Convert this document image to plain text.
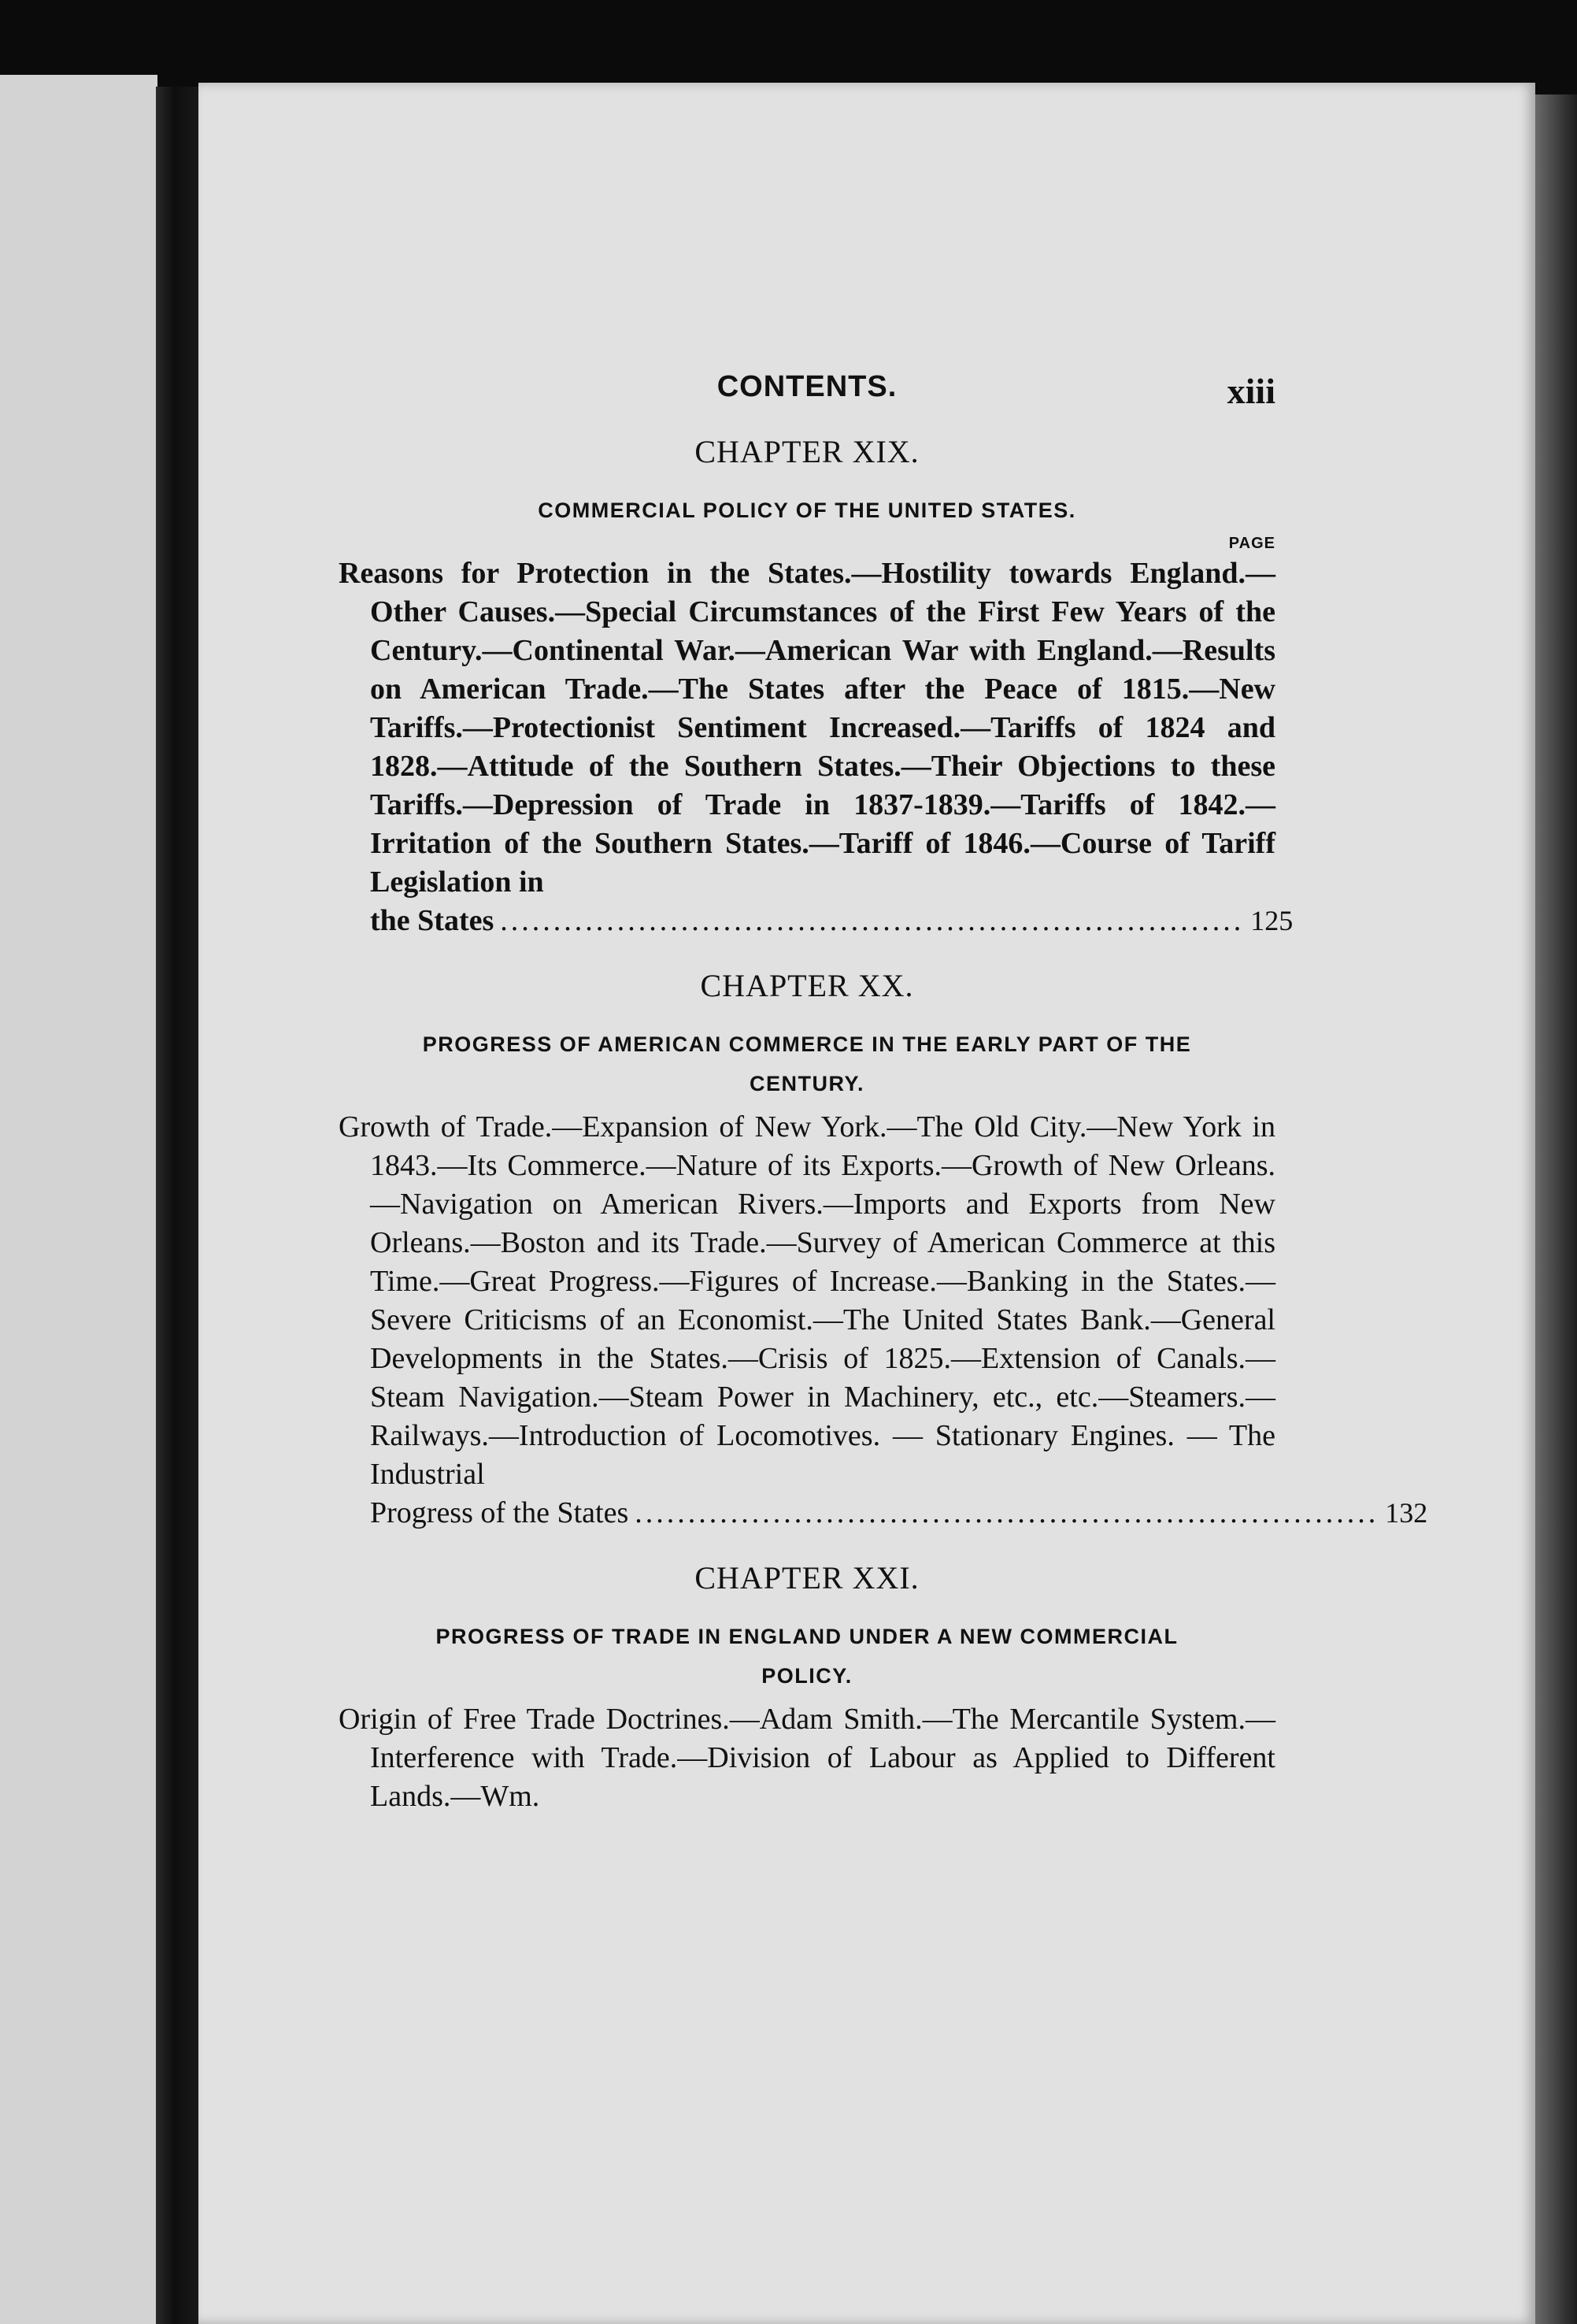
CONTENTS.	xiii
CHAPTER XIX.
COMMERCIAL POLICY OF THE UNITED STATES.
PAGE
Reasons for Protection in the States.—Hostility towards England.—Other Causes.—Special Circumstances of the First Few Years of the Century.—Continental War.—American War with England.—Results on American Trade.—The States after the Peace of 1815.—New Tariffs.—Protectionist Sentiment Increased.—Tariffs of 1824 and 1828.—Attitude of the Southern States.—Their Objections to these Tariffs.—Depression of Trade in 1837-1839.—Tariffs of 1842.—Irritation of the Southern States.—Tariff of 1846.—Course of Tariff Legislation in
the States ...................................................................... 125
CHAPTER XX.
PROGRESS OF AMERICAN COMMERCE IN THE EARLY PART OF THE CENTURY.
Growth of Trade.—Expansion of New York.—The Old City.—New York in 1843.—Its Commerce.—Nature of its Exports.—Growth of New Orleans.—Navigation on American Rivers.—Imports and Exports from New Orleans.—Boston and its Trade.—Survey of American Commerce at this Time.—Great Progress.—Figures of Increase.—Banking in the States.—Severe Criticisms of an Economist.—The United States Bank.—General Developments in the States.—Crisis of 1825.—Extension of Canals.—Steam Navigation.—Steam Power in Machinery, etc., etc.—Steamers.—Railways.—Introduction of Locomotives. — Stationary Engines. — The Industrial
Progress of the States ...................................................................... 132
CHAPTER XXI.
PROGRESS OF TRADE IN ENGLAND UNDER A NEW COMMERCIAL POLICY.
Origin of Free Trade Doctrines.—Adam Smith.—The Mercantile System.—Interference with Trade.—Division of Labour as Applied to Different Lands.—Wm.
